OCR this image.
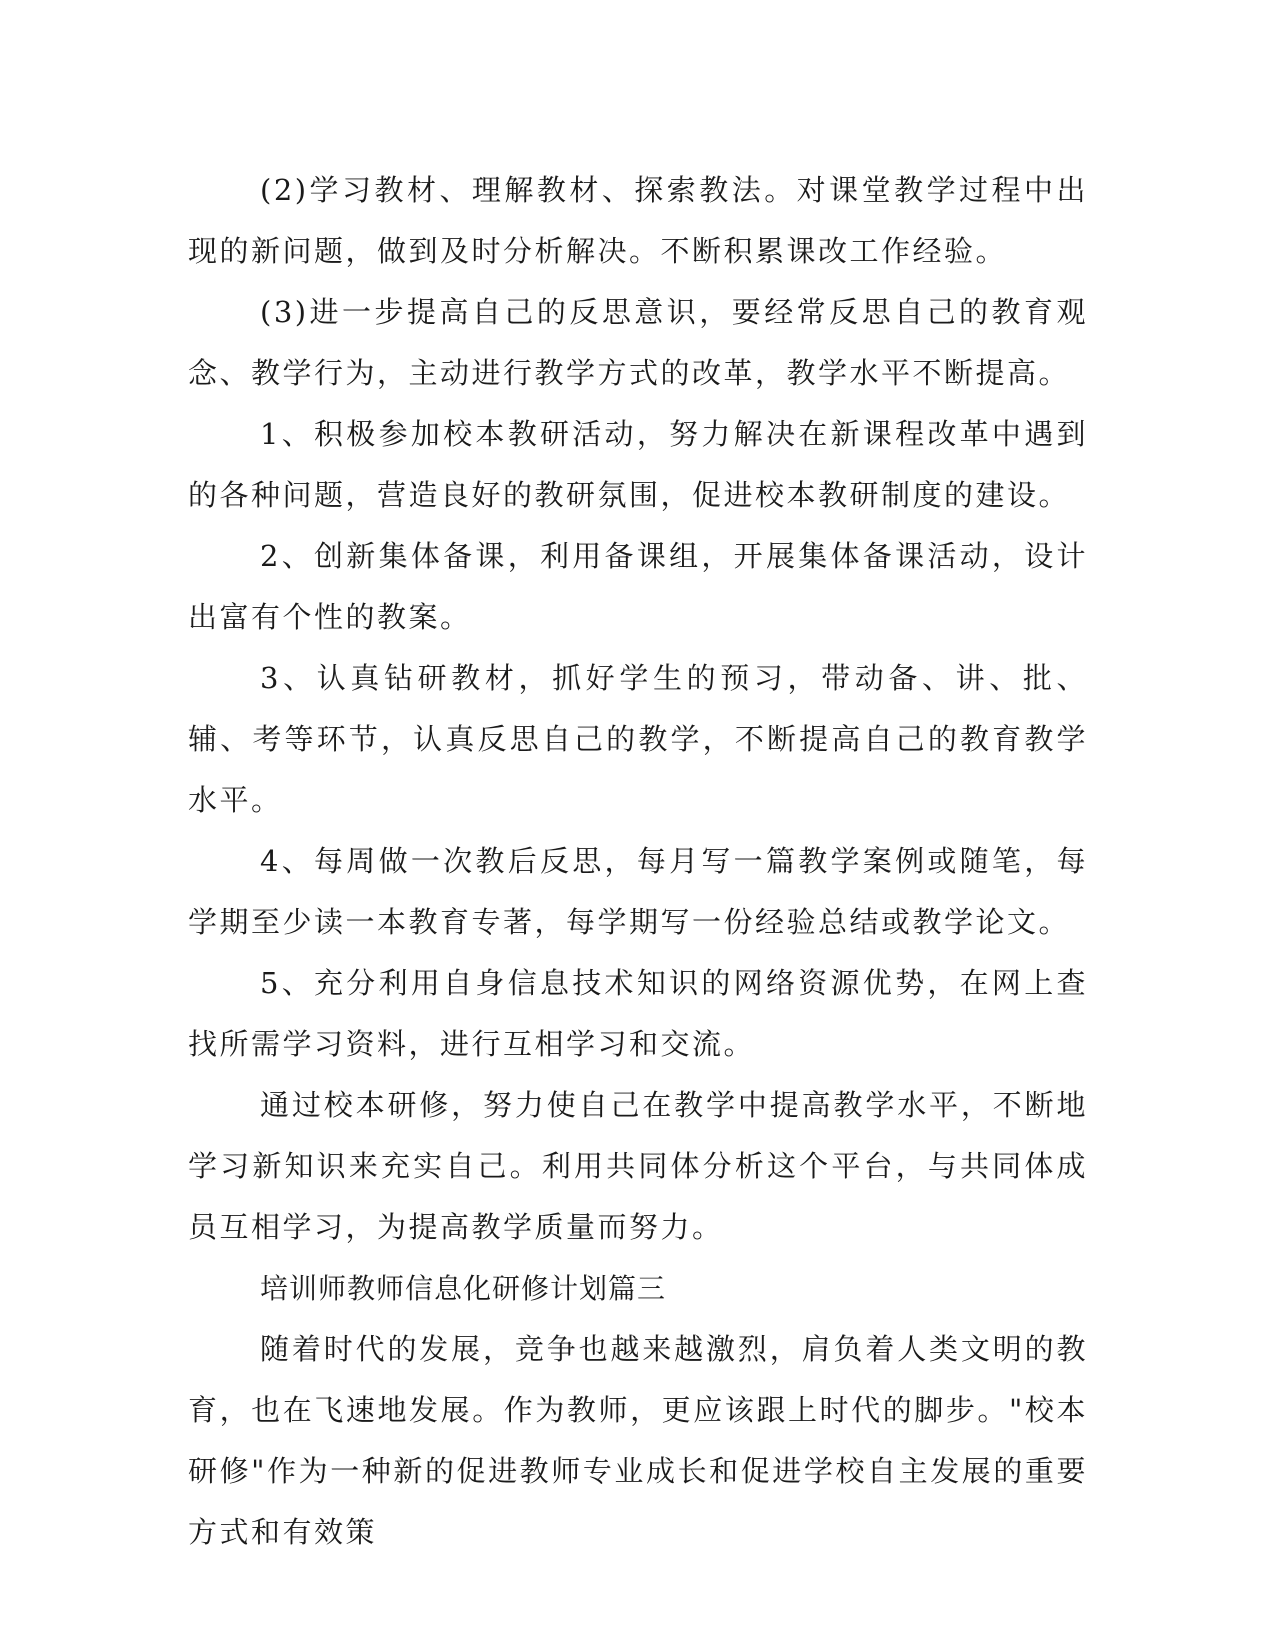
(2)学习教材、理解教材、探索教法。对课堂教学过程中出现的新问题，做到及时分析解决。不断积累课改工作经验。

(3)进一步提高自己的反思意识，要经常反思自己的教育观念、教学行为，主动进行教学方式的改革，教学水平不断提高。

1、积极参加校本教研活动，努力解决在新课程改革中遇到的各种问题，营造良好的教研氛围，促进校本教研制度的建设。

2、创新集体备课，利用备课组，开展集体备课活动，设计出富有个性的教案。

3、认真钻研教材，抓好学生的预习，带动备、讲、批、辅、考等环节，认真反思自己的教学，不断提高自己的教育教学水平。

4、每周做一次教后反思，每月写一篇教学案例或随笔，每学期至少读一本教育专著，每学期写一份经验总结或教学论文。

5、充分利用自身信息技术知识的网络资源优势，在网上查找所需学习资料，进行互相学习和交流。

通过校本研修，努力使自己在教学中提高教学水平，不断地学习新知识来充实自己。利用共同体分析这个平台，与共同体成员互相学习，为提高教学质量而努力。

培训师教师信息化研修计划篇三

随着时代的发展，竞争也越来越激烈，肩负着人类文明的教育，也在飞速地发展。作为教师，更应该跟上时代的脚步。"校本研修"作为一种新的促进教师专业成长和促进学校自主发展的重要方式和有效策
